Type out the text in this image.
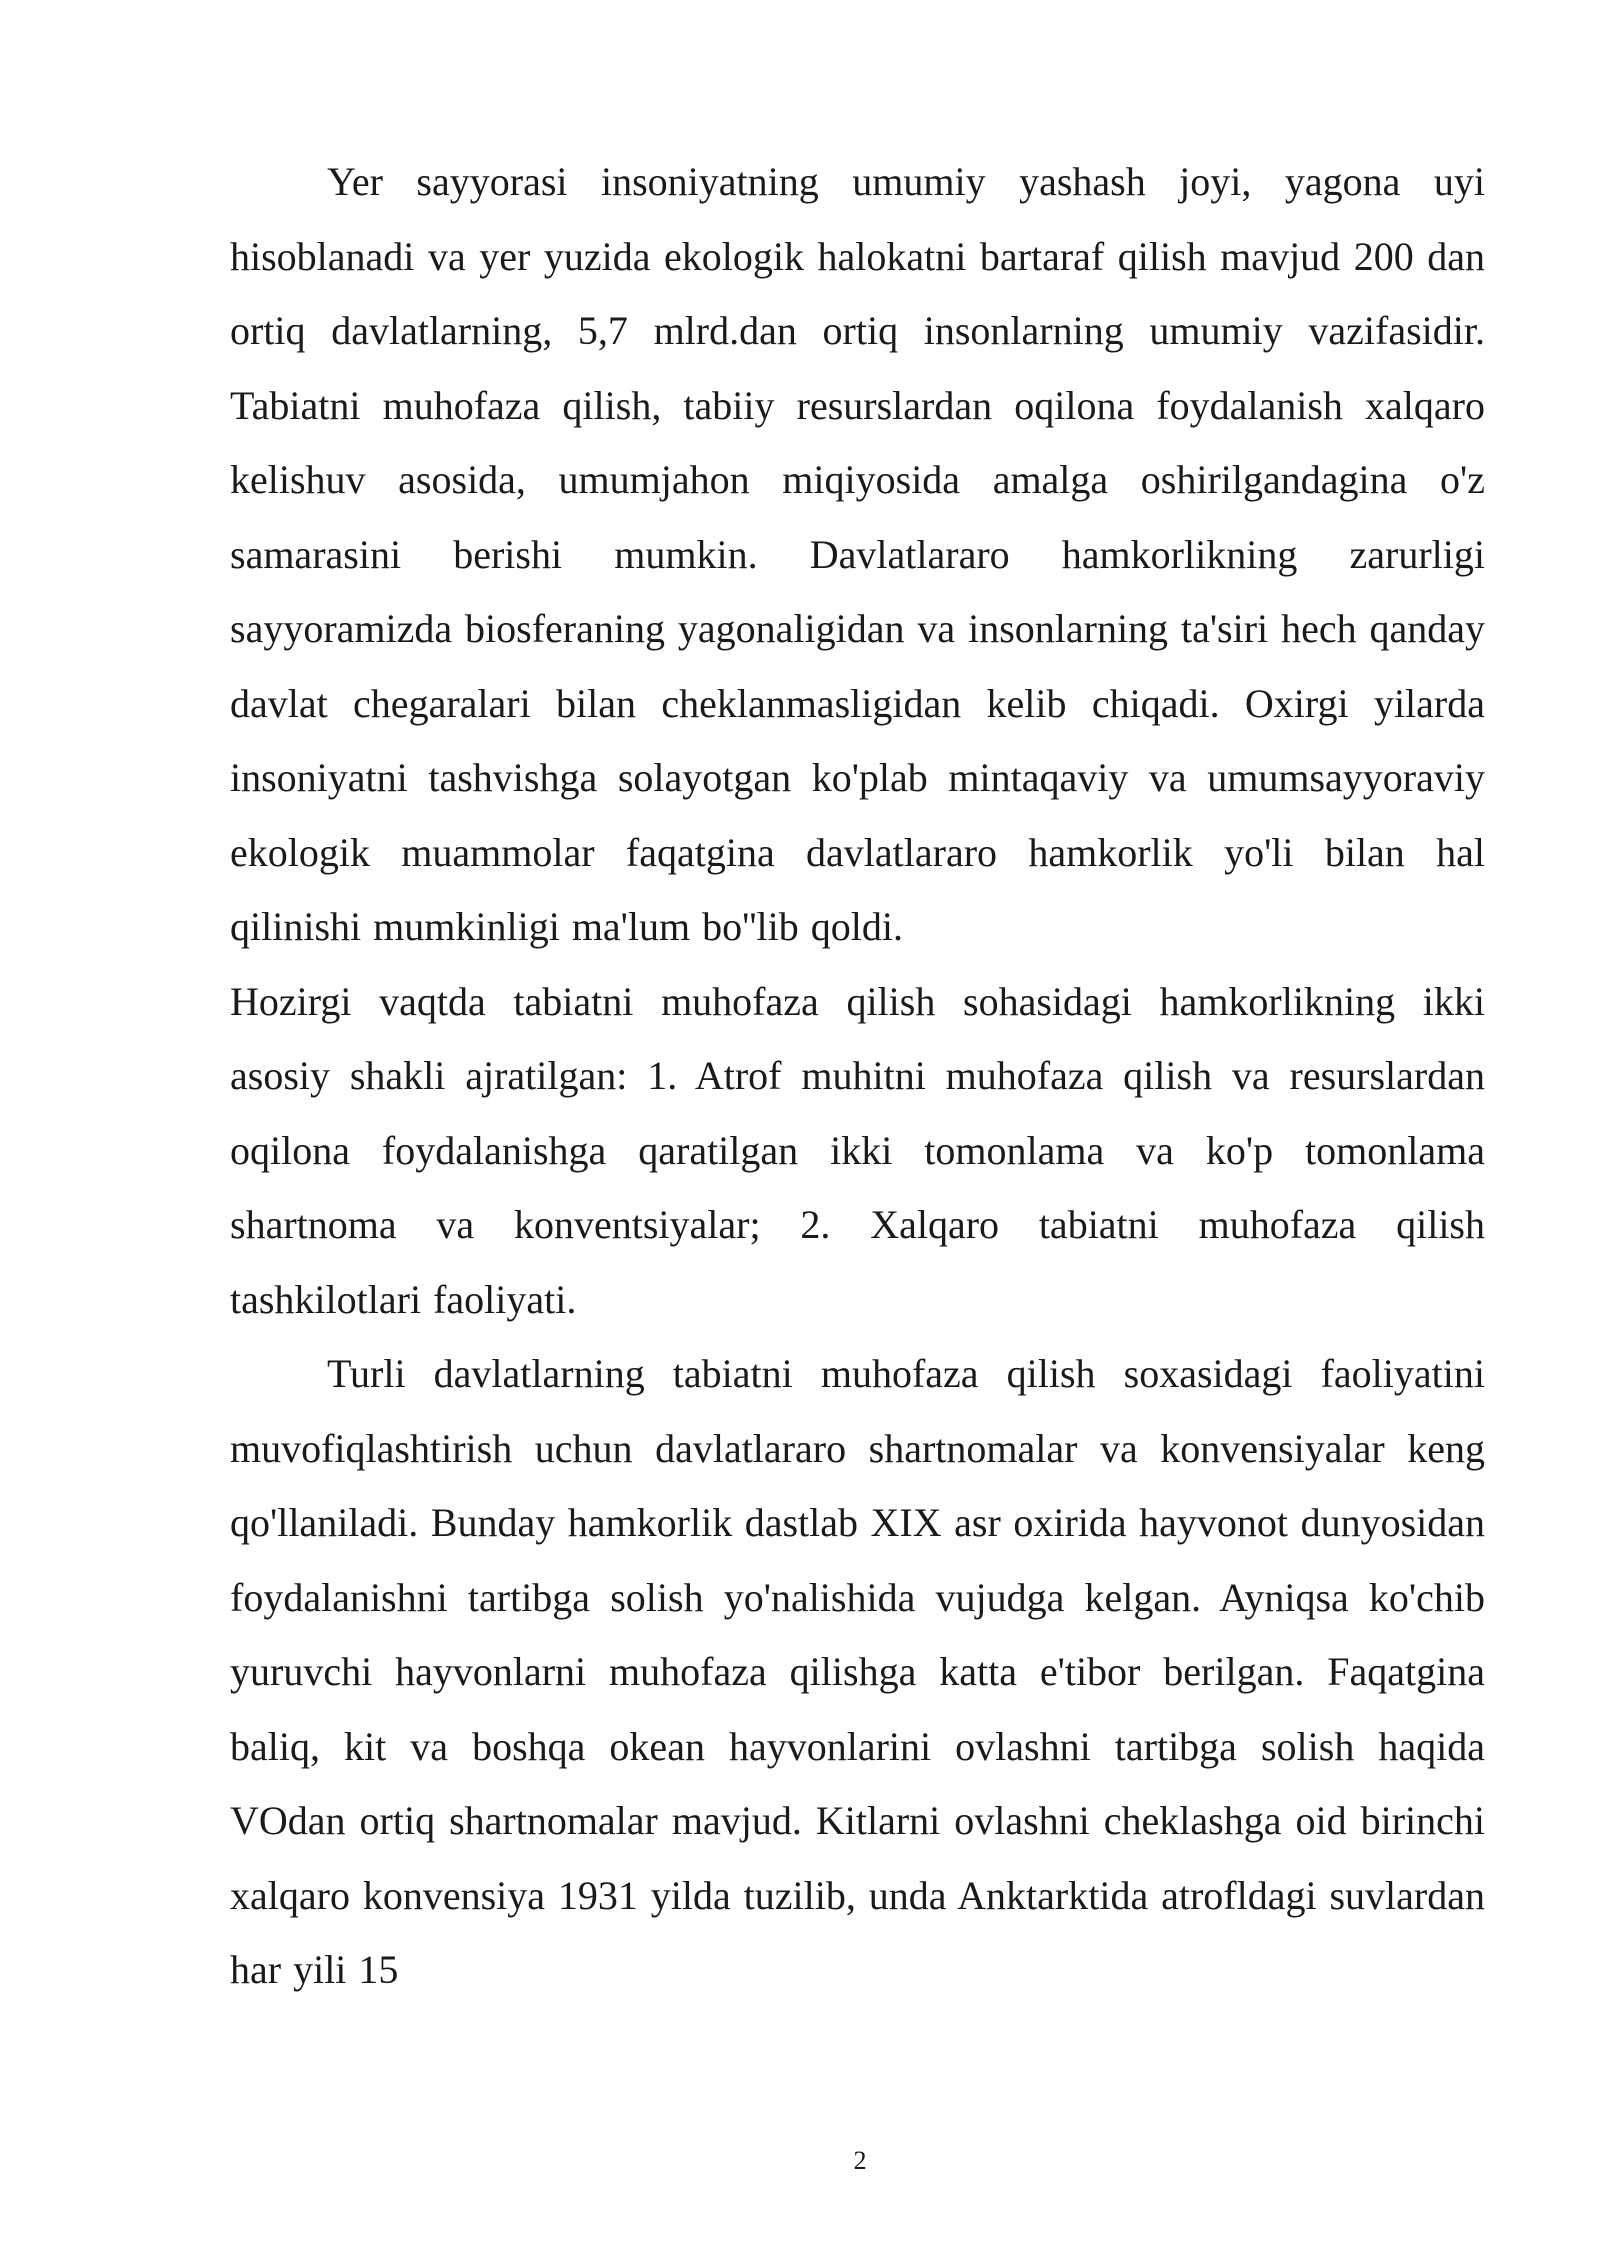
Yer sayyorasi insoniyatning umumiy yashash joyi, yagona uyi hisoblanadi va yer yuzida ekologik halokatni bartaraf qilish mavjud 200 dan ortiq davlatlarning, 5,7 mlrd.dan ortiq insonlarning umumiy vazifasidir. Tabiatni muhofaza qilish, tabiiy resurslardan oqilona foydalanish xalqaro kelishuv asosida, umumjahon miqiyosida amalga oshirilgandagina o'z samarasini berishi mumkin. Davlatlararo hamkorlikning zarurligi sayyoramizda biosferaning yagonaligidan va insonlarning ta'siri hech qanday davlat chegaralari bilan cheklanmasligidan kelib chiqadi. Oxirgi yilarda insoniyatni tashvishga solayotgan ko'plab mintaqaviy va umumsayyoraviy ekologik muammolar faqatgina davlatlararo hamkorlik yo'li bilan hal qilinishi mumkinligi ma'lum bo''lib qoldi.

Hozirgi vaqtda tabiatni muhofaza qilish sohasidagi hamkorlikning ikki asosiy shakli ajratilgan: 1. Atrof muhitni muhofaza qilish va resurslardan oqilona foydalanishga qaratilgan ikki tomonlama va ko'p tomonlama shartnoma va konventsiyalar; 2. Xalqaro tabiatni muhofaza qilish tashkilotlari faoliyati.

Turli davlatlarning tabiatni muhofaza qilish soxasidagi faoliyatini muvofiqlashtirish uchun davlatlararo shartnomalar va konvensiyalar keng qo'llaniladi. Bunday hamkorlik dastlab XIX asr oxirida hayvonot dunyosidan foydalanishni tartibga solish yo'nalishida vujudga kelgan. Ayniqsa ko'chib yuruvchi hayvonlarni muhofaza qilishga katta e'tibor berilgan. Faqatgina baliq, kit va boshqa okean hayvonlarini ovlashni tartibga solish haqida VOdan ortiq shartnomalar mavjud. Kitlarni ovlashni cheklashga oid birinchi xalqaro konvensiya 1931 yilda tuzilib, unda Anktarktida atrofldagi suvlardan har yili 15

2
